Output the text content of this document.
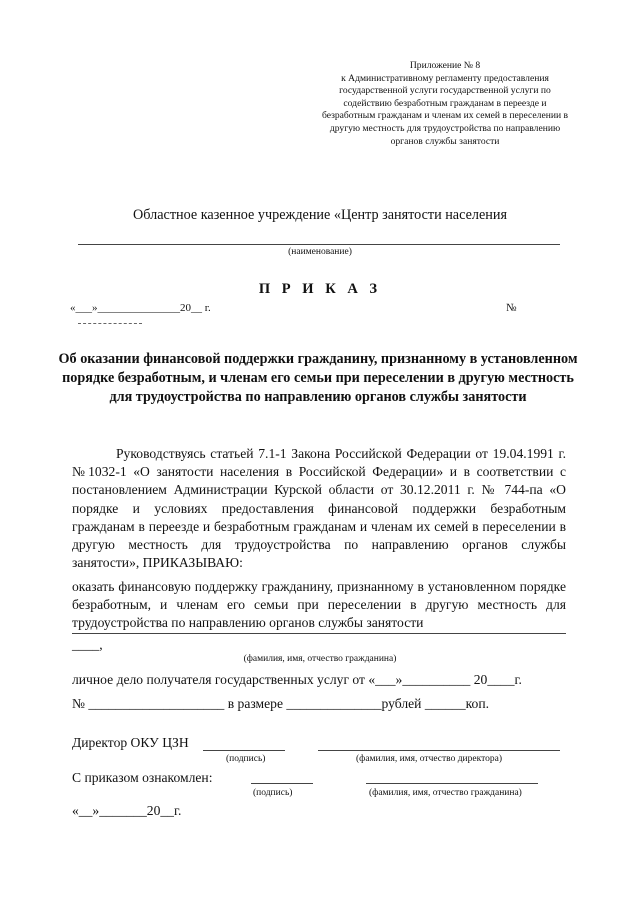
Приложение № 8
к Административному регламенту предоставления государственной услуги государственной услуги по содействию безработным гражданам в переезде и безработным гражданам и членам их семей в переселении в другую местность для трудоустройства по направлению органов службы занятости
Областное казенное учреждение «Центр занятости населения
(наименование)
П Р И К А З
«___»_______________20__ г.	№
Об оказании финансовой поддержки гражданину, признанному в установленном порядке безработным, и членам его семьи при переселении в другую местность для трудоустройства по направлению органов службы занятости
Руководствуясь статьей 7.1-1 Закона Российской Федерации от 19.04.1991 г. №1032-1 «О занятости населения в Российской Федерации» и в соответствии с постановлением Администрации Курской области от 30.12.2011 г. № 744-па «О порядке и условиях предоставления финансовой поддержки безработным гражданам в переезде и безработным гражданам и членам их семей в переселении в другую местность для трудоустройства по направлению органов службы занятости», ПРИКАЗЫВАЮ:
оказать финансовую поддержку гражданину, признанному в установленном порядке безработным, и членам его семьи при переселении в другую местность для трудоустройства по направлению органов службы занятости
____,
(фамилия, имя, отчество гражданина)
личное дело получателя государственных услуг от «___»__________ 20____г.
№ ____________________ в размере ______________рублей ______коп.
Директор ОКУ ЦЗН
(подпись)	(фамилия, имя, отчество директора)
С приказом ознакомлен:
(подпись)	(фамилия, имя, отчество гражданина)
«__»_______20__г.
